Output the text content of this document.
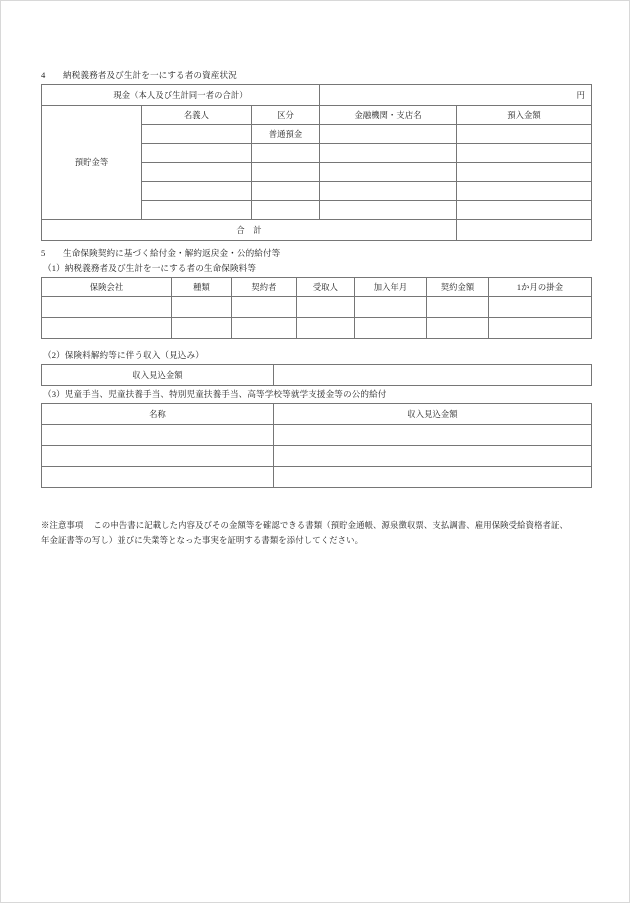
4 納税義務者及び生計を一にする者の資産状況

現金（本人及び生計同一者の合計）			円	
預貯金等	名義人	区分	金融機関・支店名	預入金額
		普通預金		

合　計				

5 生命保険契約に基づく給付金・解約返戻金・公的給付等

（1）納税義務者及び生計を一にする者の生命保険料等

保険会社	種類	契約者	受取人	加入年月	契約金額	1か月の掛金

（2）保険料解約等に伴う収入（見込み）

収入見込金額	

（3）児童手当、児童扶養手当、特別児童扶養手当、高等学校等就学支援金等の公的給付

名称	収入見込金額

※注意事項 この申告書に記載した内容及びその金額等を確認できる書類（預貯金通帳、源泉徴収票、支払調書、雇用保険受給資格者証、
年金証書等の写し）並びに失業等となった事実を証明する書類を添付してください。
